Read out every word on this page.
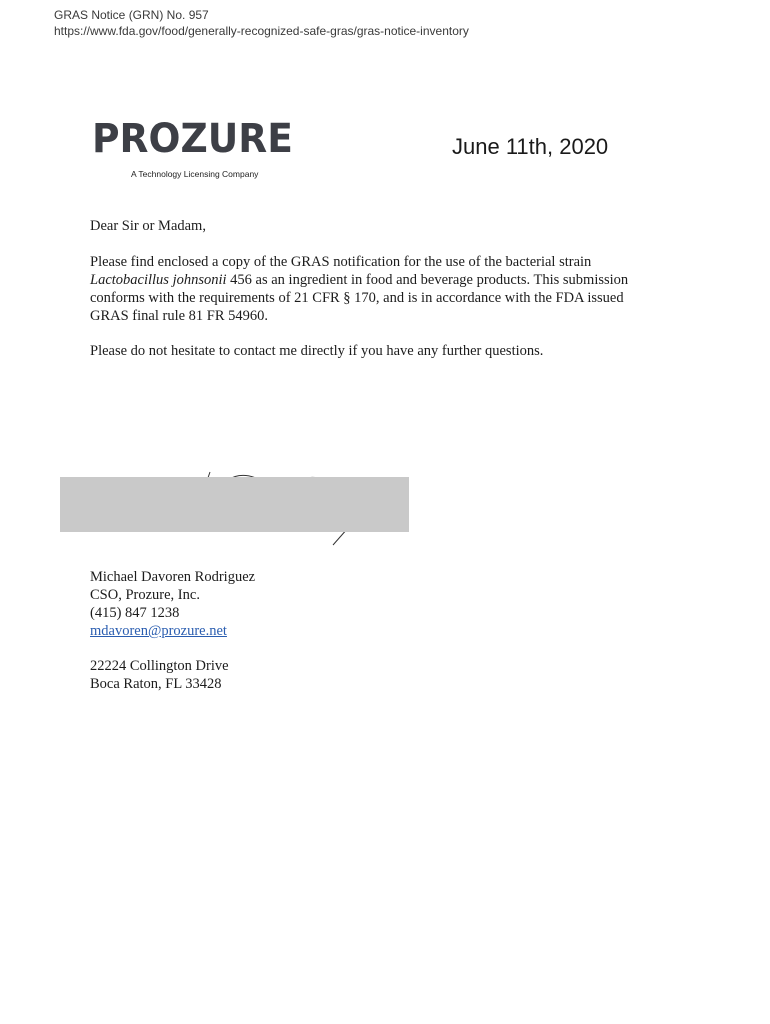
GRAS Notice (GRN) No. 957
https://www.fda.gov/food/generally-recognized-safe-gras/gras-notice-inventory
PROZURE
A Technology Licensing Company
June 11th, 2020
Dear Sir or Madam,
Please find enclosed a copy of the GRAS notification for the use of the bacterial strain
Lactobacillus johnsonii 456 as an ingredient in food and beverage products. This submission
conforms with the requirements of 21 CFR § 170, and is in accordance with the FDA issued
GRAS final rule 81 FR 54960.
Please do not hesitate to contact me directly if you have any further questions.
Michael Davoren Rodriguez
CSO, Prozure, Inc.
(415) 847 1238
mdavoren@prozure.net
22224 Collington Drive
Boca Raton, FL 33428
